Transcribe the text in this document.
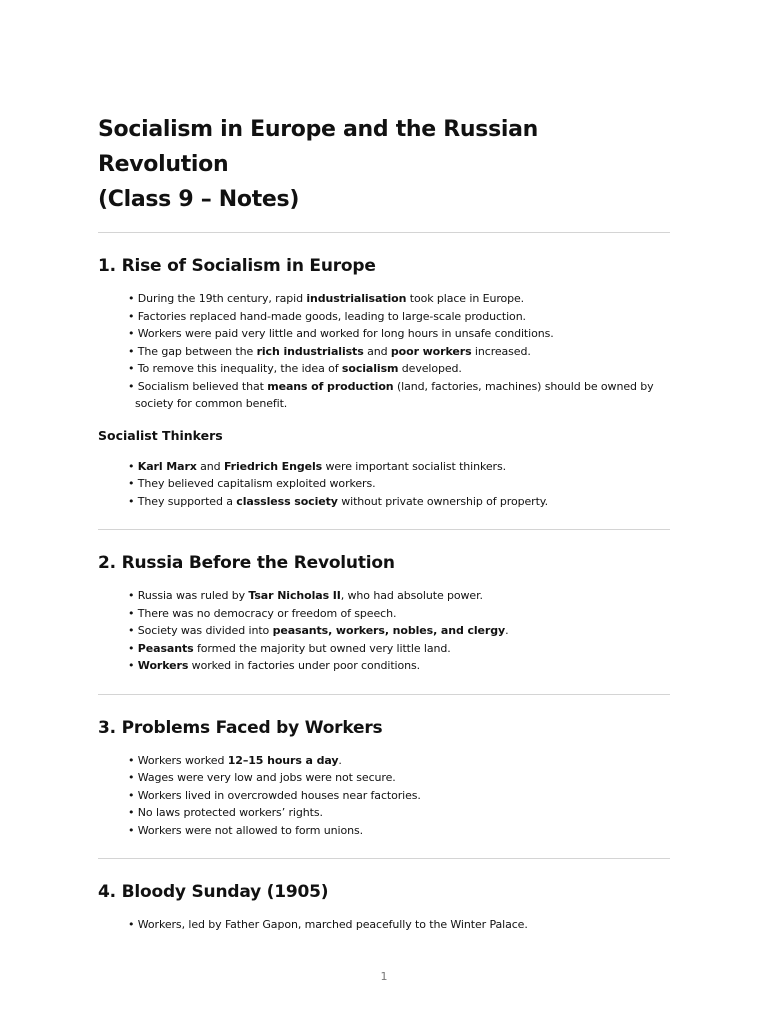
Socialism in Europe and the Russian Revolution
(Class 9 – Notes)
1. Rise of Socialism in Europe
• During the 19th century, rapid industrialisation took place in Europe.
• Factories replaced hand-made goods, leading to large-scale production.
• Workers were paid very little and worked for long hours in unsafe conditions.
• The gap between the rich industrialists and poor workers increased.
• To remove this inequality, the idea of socialism developed.
• Socialism believed that means of production (land, factories, machines) should be owned by society for common benefit.
Socialist Thinkers
• Karl Marx and Friedrich Engels were important socialist thinkers.
• They believed capitalism exploited workers.
• They supported a classless society without private ownership of property.
2. Russia Before the Revolution
• Russia was ruled by Tsar Nicholas II, who had absolute power.
• There was no democracy or freedom of speech.
• Society was divided into peasants, workers, nobles, and clergy.
• Peasants formed the majority but owned very little land.
• Workers worked in factories under poor conditions.
3. Problems Faced by Workers
• Workers worked 12–15 hours a day.
• Wages were very low and jobs were not secure.
• Workers lived in overcrowded houses near factories.
• No laws protected workers’ rights.
• Workers were not allowed to form unions.
4. Bloody Sunday (1905)
• Workers, led by Father Gapon, marched peacefully to the Winter Palace.
1
